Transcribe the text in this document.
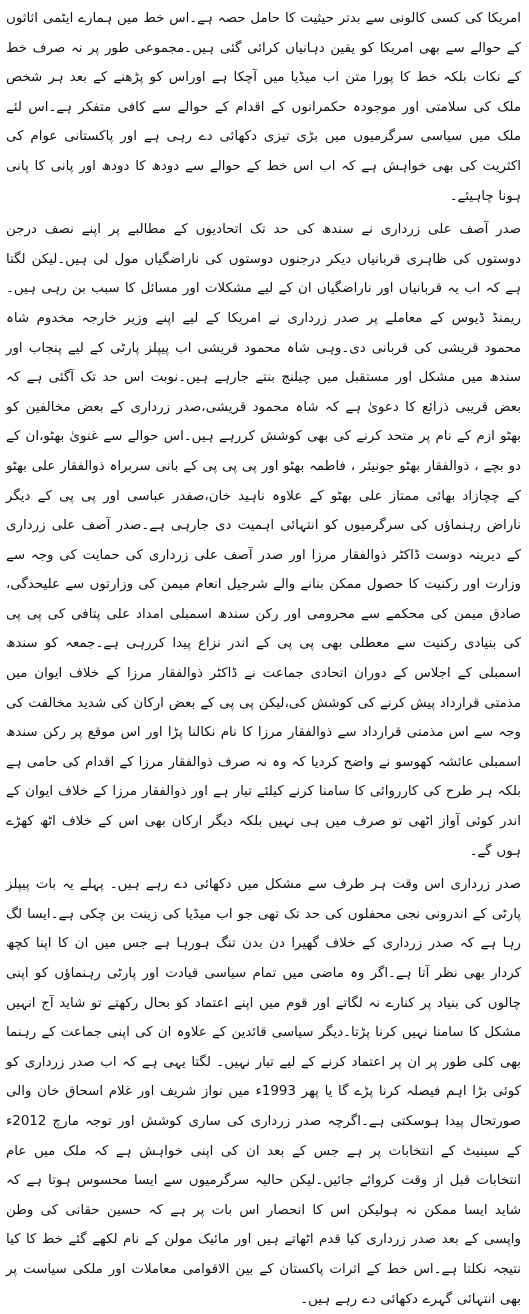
امریکا کی کسی کالونی سے بدتر حیثیت کا حامل حصہ ہے۔اس خط میں ہمارے ایٹمی اثاثوں کے حوالے سے بھی امریکا کو یقین دہانیاں کرائی گئی ہیں۔مجموعی طور پر نہ صرف خط کے نکات بلکہ خط کا پورا متن اب میڈیا میں آچکا ہے اوراس کو پڑھنے کے بعد ہر شخص ملک کی سلامتی اور موجودہ حکمرانوں کے اقدام کے حوالے سے کافی متفکر ہے۔اس لئے ملک میں سیاسی سرگرمیوں میں بڑی تیزی دکھائی دے رہی ہے اور پاکستانی عوام کی اکثریت کی بھی خواہش ہے کہ اب اس خط کے حوالے سے دودھ کا دودھ اور پانی کا پانی ہونا چاہیئے۔

صدر آصف علی زرداری نے سندھ کی حد تک اتحادیوں کے مطالبے پر اپنے نصف درجن دوستوں کی ظاہری قربانیاں دیکر درجنوں دوستوں کی ناراضگیاں مول لی ہیں۔لیکن لگتا ہے کہ اب یہ قربانیاں اور ناراضگیاں ان کے لیے مشکلات اور مسائل کا سبب بن رہی ہیں۔ریمنڈ ڈیوس کے معاملے پر صدر زرداری نے امریکا کے لیے اپنے وزیر خارجہ مخدوم شاہ محمود قریشی کی قربانی دی۔وہی شاہ محمود قریشی اب پیپلز پارٹی کے لیے پنجاب اور سندھ میں مشکل اور مستقبل میں چیلنج بنتے جارہے ہیں۔نوبت اس حد تک آگئی ہے کہ بعض قریبی ذرائع کا دعویٰ ہے کہ شاہ محمود قریشی،صدر زرداری کے بعض مخالفین کو بھٹو ازم کے نام پر متحد کرنے کی بھی کوشش کررہے ہیں۔اس حوالے سے غنویٰ بھٹو،ان کے دو بچے ، ذوالفقار بھٹو جونیئر ، فاطمہ بھٹو اور پی پی پی کے بانی سربراہ ذوالفقار علی بھٹو کے چچازاد بھائی ممتاز علی بھٹو کے علاوہ ناہید خان،صفدر عباسی اور پی پی کے دیگر ناراض رہنماؤں کی سرگرمیوں کو انتہائی اہمیت دی جارہی ہے۔صدر آصف علی زرداری کے دیرینہ دوست ڈاکٹر ذوالفقار مرزا اور صدر آصف علی زرداری کی حمایت کی وجہ سے وزارت اور رکنیت کا حصول ممکن بنانے والے شرجیل انعام میمن کی وزارتوں سے علیحدگی، صادق میمن کی محکمے سے محرومی اور رکن سندھ اسمبلی امداد علی پتافی کی پی پی کی بنیادی رکنیت سے معطلی بھی پی پی کے اندر نزاع پیدا کررہی ہے۔جمعہ کو سندھ اسمبلی کے اجلاس کے دوران اتحادی جماعت نے ڈاکٹر ذوالفقار مرزا کے خلاف ایوان میں مذمتی قرارداد پیش کرنے کی کوشش کی،لیکن پی پی کے بعض ارکان کی شدید مخالفت کی وجہ سے اس مذمتی قرارداد سے ذوالفقار مرزا کا نام نکالنا پڑا اور اس موقع پر رکن سندھ اسمبلی عائشہ کھوسو نے واضح کردیا کہ وہ نہ صرف ذوالفقار مرزا کے اقدام کی حامی ہے بلکہ ہر طرح کی کارروائی کا سامنا کرنے کیلئے تیار ہے اور ذوالفقار مرزا کے خلاف ایوان کے اندر کوئی آواز اٹھی تو صرف میں ہی نہیں بلکہ دیگر ارکان بھی اس کے خلاف اٹھ کھڑے ہوں گے۔

صدر زرداری اس وقت ہر طرف سے مشکل میں دکھائی دے رہے ہیں۔ پہلے یہ بات پیپلز پارٹی کے اندرونی نجی محفلوں کی حد تک تھی جو اب میڈیا کی زینت بن چکی ہے۔ایسا لگ رہا ہے کہ صدر زرداری کے خلاف گھیرا دن بدن تنگ ہورہا ہے جس میں ان کا اپنا کچھ کردار بھی نظر آتا ہے۔اگر وہ ماضی میں تمام سیاسی قیادت اور پارٹی رہنماؤں کو اپنی چالوں کی بنیاد پر کنارے نہ لگاتے اور قوم میں اپنے اعتماد کو بحال رکھتے تو شاید آج انہیں مشکل کا سامنا نہیں کرنا پڑتا۔دیگر سیاسی قائدین کے علاوہ ان کی اپنی جماعت کے رہنما بھی کلی طور پر ان پر اعتماد کرنے کے لیے تیار نہیں۔ لگتا یہی ہے کہ اب صدر زرداری کو کوئی بڑا اہم فیصلہ کرنا پڑے گا یا پھر 1993ء میں نواز شریف اور غلام اسحاق خان والی صورتحال پیدا ہوسکتی ہے۔اگرچہ صدر زرداری کی ساری کوشش اور توجہ مارچ 2012ء کے سینیٹ کے انتخابات پر ہے جس کے بعد ان کی اپنی خواہش ہے کہ ملک میں عام انتخابات قبل از وقت کروائے جائیں۔لیکن حالیہ سرگرمیوں سے ایسا محسوس ہوتا ہے کہ شاید ایسا ممکن نہ ہولیکن اس کا انحصار اس بات پر ہے کہ حسین حقانی کی وطن واپسی کے بعد صدر زرداری کیا قدم اٹھاتے ہیں اور مائیک مولن کے نام لکھے گئے خط کا کیا نتیجہ نکلتا ہے۔اس خط کے اثرات پاکستان کے بین الاقوامی معاملات اور ملکی سیاست پر بھی انتہائی گہرے دکھائی دے رہے ہیں۔
